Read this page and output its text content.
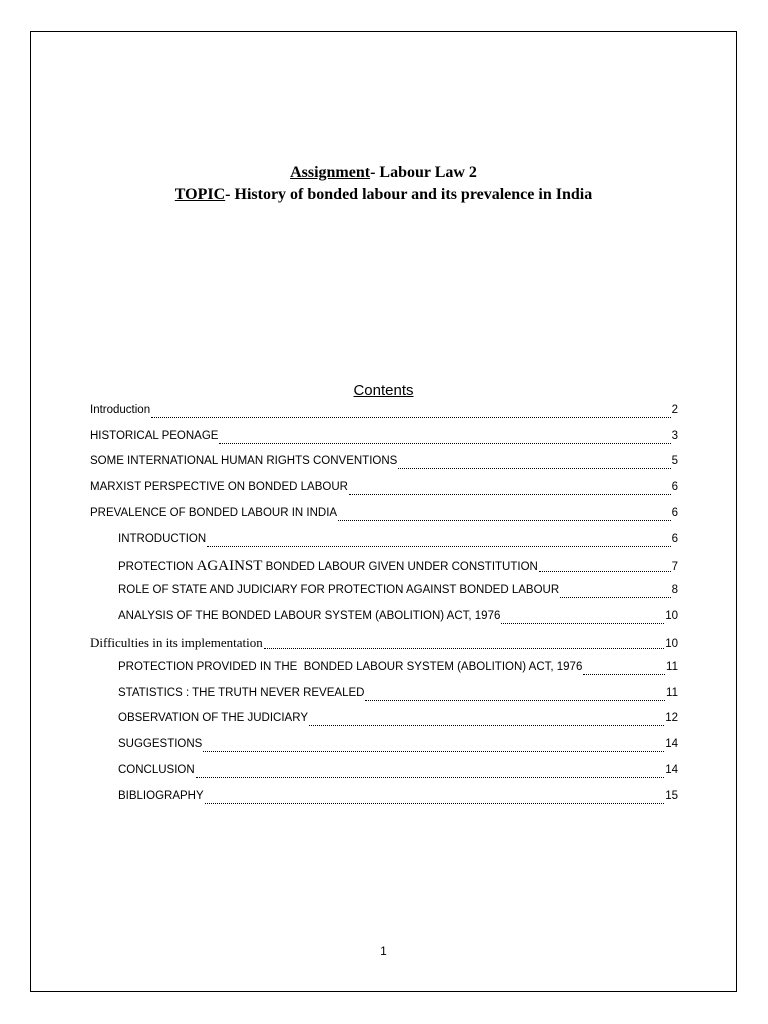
Assignment- Labour Law 2
TOPIC- History of bonded labour and its prevalence in India
Contents
Introduction	2
HISTORICAL PEONAGE	3
SOME INTERNATIONAL HUMAN RIGHTS CONVENTIONS	5
MARXIST PERSPECTIVE ON BONDED LABOUR	6
PREVALENCE OF BONDED LABOUR IN INDIA	6
INTRODUCTION	6
PROTECTION AGAINST BONDED LABOUR GIVEN UNDER CONSTITUTION	7
ROLE OF STATE AND JUDICIARY FOR PROTECTION AGAINST BONDED LABOUR	8
ANALYSIS OF THE BONDED LABOUR SYSTEM (ABOLITION) ACT, 1976	10
Difficulties in its implementation	10
PROTECTION PROVIDED IN THE  BONDED LABOUR SYSTEM (ABOLITION) ACT, 1976	11
STATISTICS : THE TRUTH NEVER REVEALED	11
OBSERVATION OF THE JUDICIARY	12
SUGGESTIONS	14
CONCLUSION	14
BIBLIOGRAPHY	15
1
